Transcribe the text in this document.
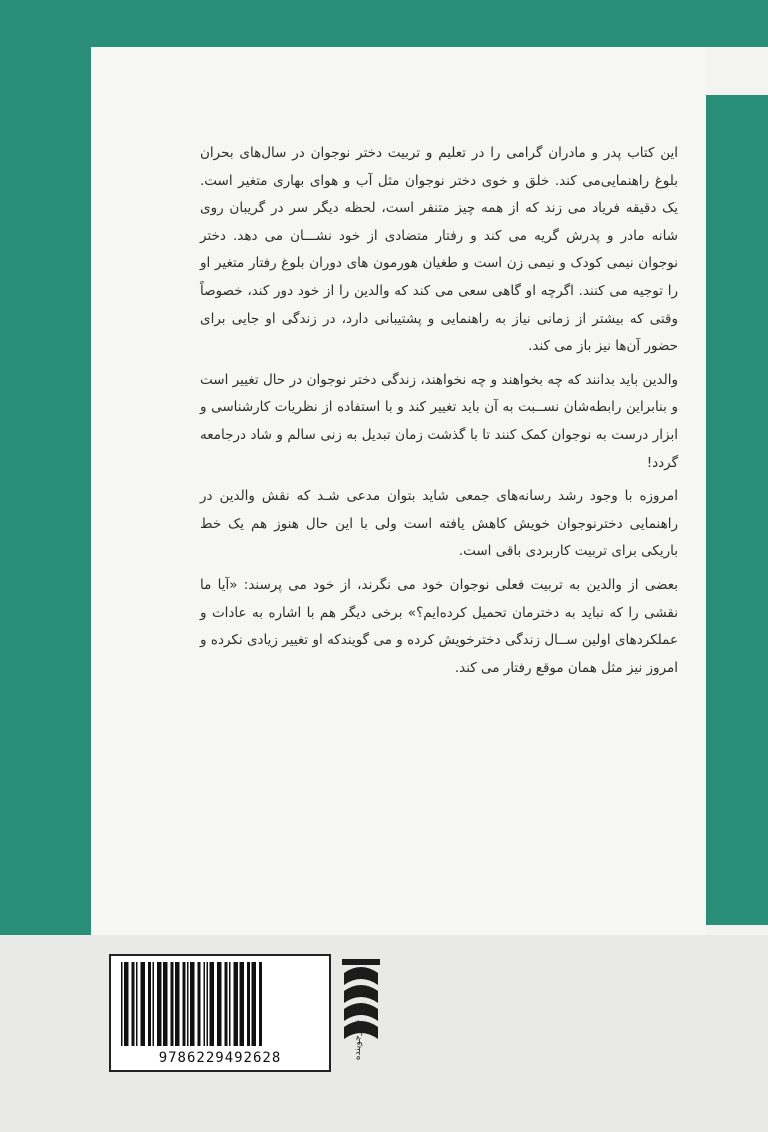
این کتاب پدر و مادران گرامی را در تعلیم و تربیت دختر نوجوان در سال‌های بحران بلوغ راهنمایی‌می کند. خلق و خوی دختر نوجوان مثل آب و هوای بهاری متغیر است. یک دقیقه فریاد می زند که از همه چیز متنفر است، لحظه دیگر سر در گریبان روی شانه مادر و پدرش گریه می کند و رفتار متضادی از خود نشـــان می دهد. دختر نوجوان نیمی کودک و نیمی زن است و طغیان هورمون های دوران بلوغ رفتار متغیر او را توجیه می کنند. اگرچه او گاهی سعی می کند که والدین را از خود دور کند، خصوصاً وقتی که بیشتر از زمانی نیاز به راهنمایی و پشتیبانی دارد، در زندگی او جایی برای حضور آن‌ها نیز باز می کند.

والدین باید بدانند که چه بخواهند و چه نخواهند، زندگی دختر نوجوان در حال تغییر است و بنابراین رابطه‌شان نســبت به آن باید تغییر کند و با استفاده از نظریات کارشناسی و ابزار درست به نوجوان کمک کنند تا با گذشت زمان تبدیل به زنی سالم و شاد درجامعه گردد!

امروزه با وجود رشد رسانه‌های جمعی شاید بتوان مدعی شـد که نقش والدین در راهنمایی دخترنوجوان خویش کاهش یافته است ولی با این حال هنوز هم یک خط باریکی برای تربیت کاربردی باقی است.

بعضی از والدین به تربیت فعلی نوجوان خود می نگرند، از خود می پرسند: «آیا ما نقشی را که نباید به دخترمان تحمیل کرده‌ایم؟» برخی دیگر هم با اشاره به عادات و عملکردهای اولین ســال زندگی دخترخویش کرده و می گویندکه او تغییر زیادی نکرده و امروز نیز مثل همان موقع رفتار می کند.

9786229492628	نشرجوینده
